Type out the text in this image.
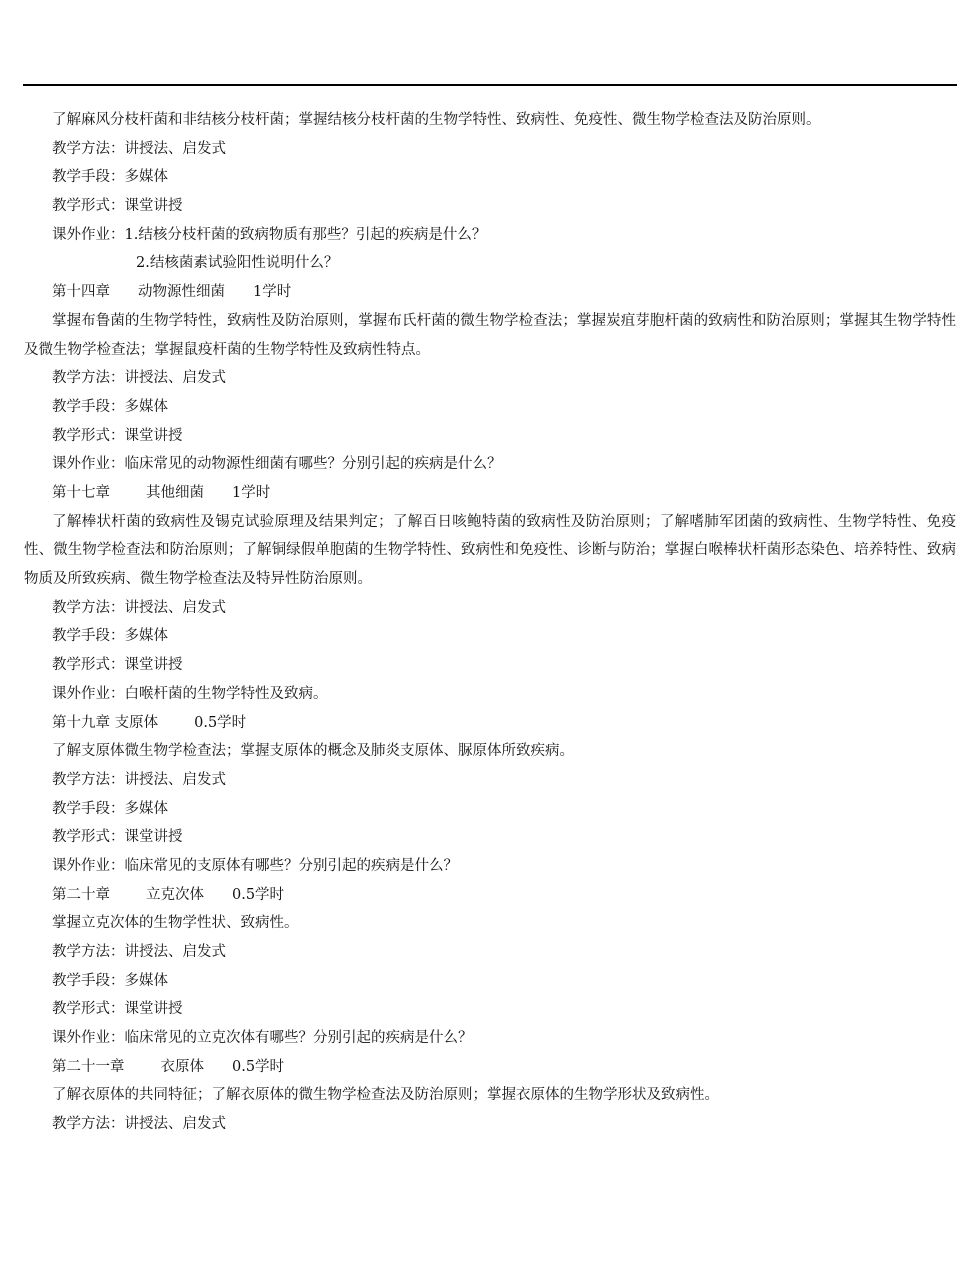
了解麻风分枝杆菌和非结核分枝杆菌；掌握结核分枝杆菌的生物学特性、致病性、免疫性、微生物学检查法及防治原则。
教学方法：讲授法、启发式
教学手段：多媒体
教学形式：课堂讲授
课外作业：1.结核分枝杆菌的致病物质有那些？引起的疾病是什么？
2.结核菌素试验阳性说明什么？
第十四章 动物源性细菌 1学时
掌握布鲁菌的生物学特性，致病性及防治原则，掌握布氏杆菌的微生物学检查法；掌握炭疽芽胞杆菌的致病性和防治原则；掌握其生物学特性及微生物学检查法；掌握鼠疫杆菌的生物学特性及致病性特点。
教学方法：讲授法、启发式
教学手段：多媒体
教学形式：课堂讲授
课外作业：临床常见的动物源性细菌有哪些？分别引起的疾病是什么？
第十七章 其他细菌 1学时
了解棒状杆菌的致病性及锡克试验原理及结果判定；了解百日咳鲍特菌的致病性及防治原则；了解嗜肺军团菌的致病性、生物学特性、免疫性、微生物学检查法和防治原则；了解铜绿假单胞菌的生物学特性、致病性和免疫性、诊断与防治；掌握白喉棒状杆菌形态染色、培养特性、致病物质及所致疾病、微生物学检查法及特异性防治原则。
教学方法：讲授法、启发式
教学手段：多媒体
教学形式：课堂讲授
课外作业：白喉杆菌的生物学特性及致病。
第十九章 支原体 0.5学时
了解支原体微生物学检查法；掌握支原体的概念及肺炎支原体、脲原体所致疾病。
教学方法：讲授法、启发式
教学手段：多媒体
教学形式：课堂讲授
课外作业：临床常见的支原体有哪些？分别引起的疾病是什么？
第二十章 立克次体 0.5学时
掌握立克次体的生物学性状、致病性。
教学方法：讲授法、启发式
教学手段：多媒体
教学形式：课堂讲授
课外作业：临床常见的立克次体有哪些？分别引起的疾病是什么？
第二十一章 衣原体 0.5学时
了解衣原体的共同特征；了解衣原体的微生物学检查法及防治原则；掌握衣原体的生物学形状及致病性。
教学方法：讲授法、启发式
